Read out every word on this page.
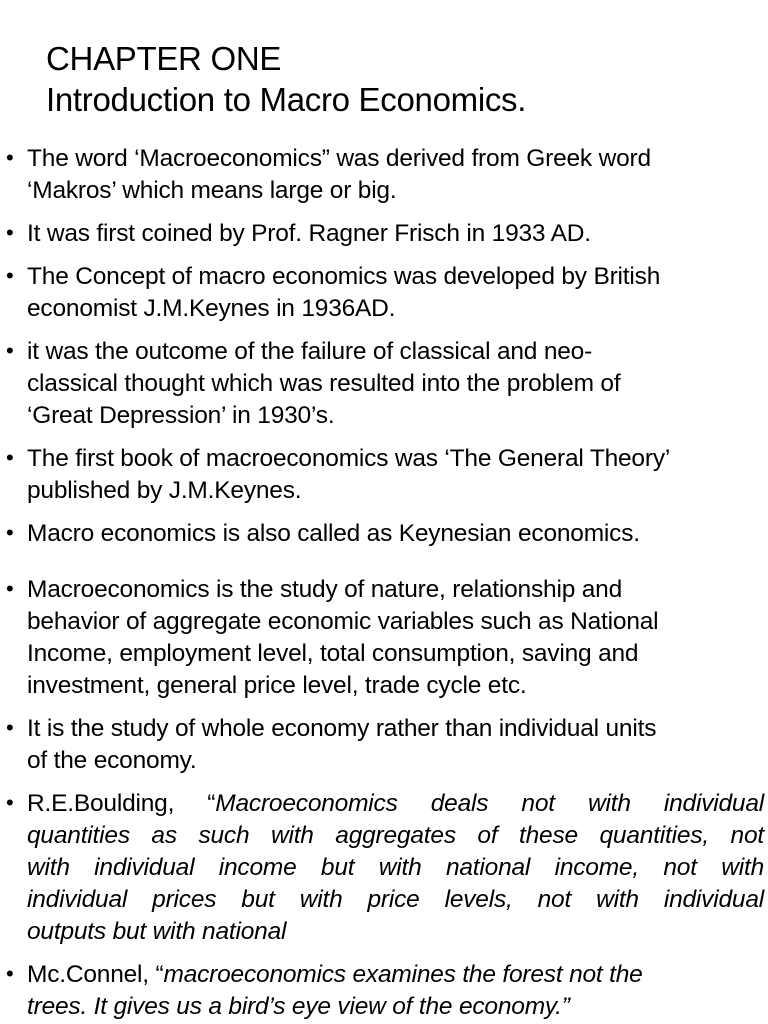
CHAPTER ONE
Introduction to Macro Economics.
• The word ‘Macroeconomics” was derived from Greek word
‘Makros’ which means large or big.
• It was first coined by Prof. Ragner Frisch in 1933 AD.
• The Concept of macro economics was developed by British
economist J.M.Keynes in 1936AD.
• it was the outcome of the failure of classical and neo-
classical thought which was resulted into the problem of
‘Great Depression’ in 1930’s.
• The first book of macroeconomics was ‘The General Theory’
published by J.M.Keynes.
• Macro economics is also called as Keynesian economics.
• Macroeconomics is the study of nature, relationship and
behavior of aggregate economic variables such as National
Income, employment level, total consumption, saving and
investment, general price level, trade cycle etc.
• It is the study of whole economy rather than individual units
of the economy.
• R.E.Boulding, “Macroeconomics deals not with individual
quantities as such with aggregates of these quantities, not
with individual income but with national income, not with
individual prices but with price levels, not with individual
outputs but with national
• Mc.Connel, “macroeconomics examines the forest not the
trees. It gives us a bird’s eye view of the economy.”
